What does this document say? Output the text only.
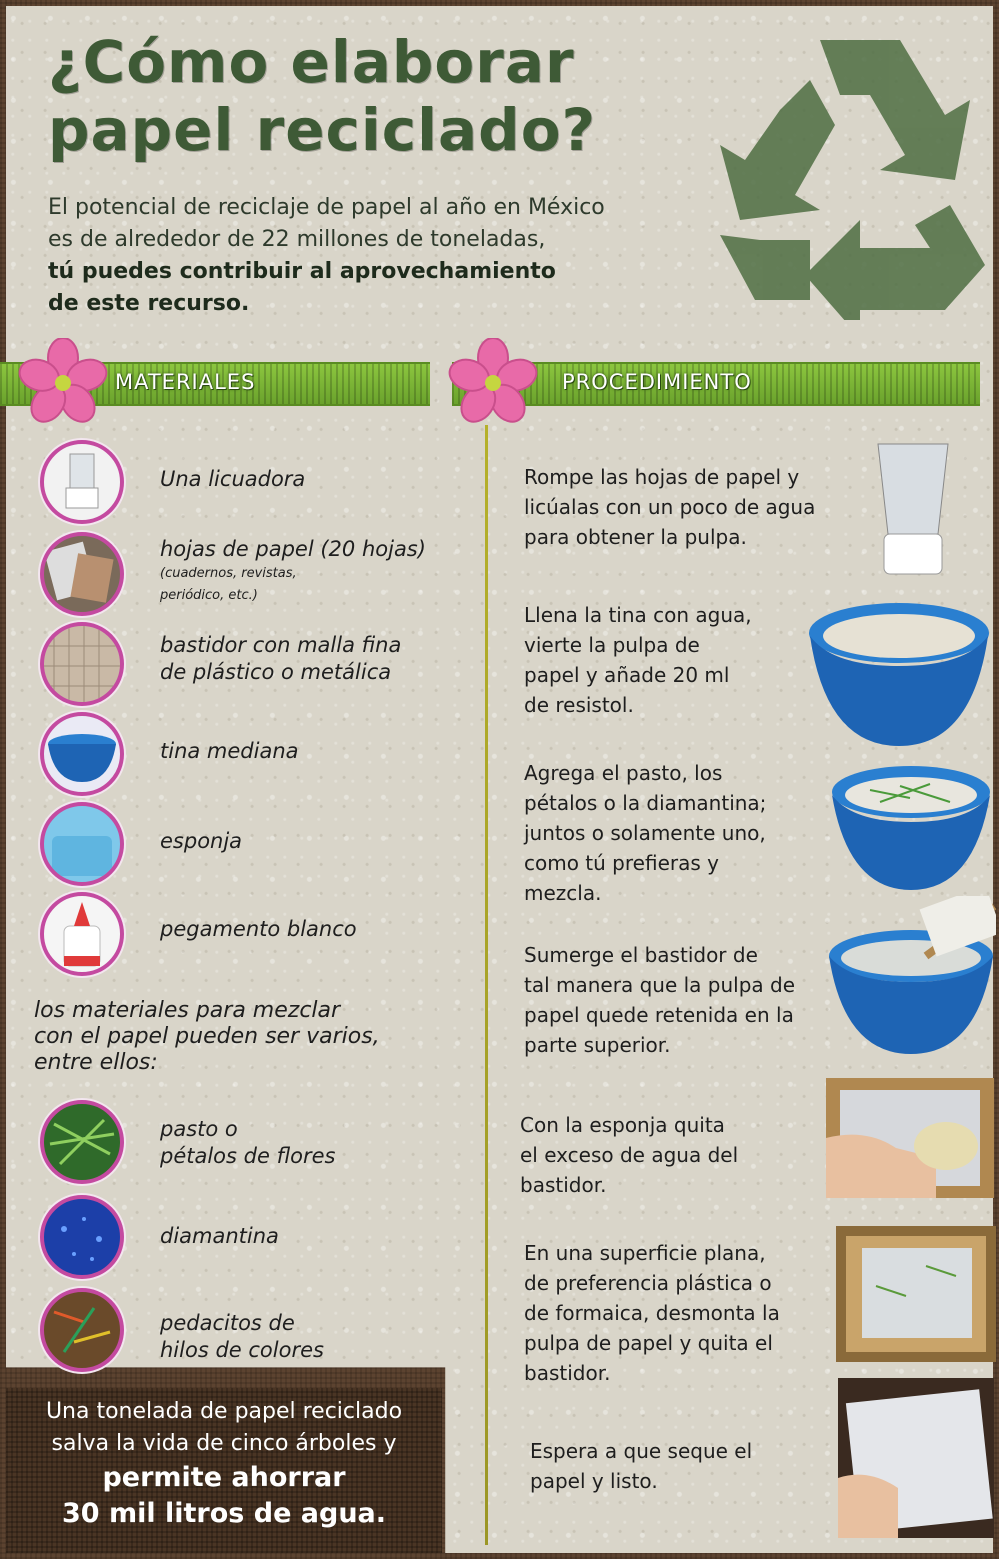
¿Cómo elaborar
papel reciclado?
El potencial de reciclaje de papel al año en México
es de alrededor de 22 millones de toneladas,
tú puedes contribuir al aprovechamiento
de este recurso.
MATERIALES	PROCEDIMIENTO
Una licuadora
hojas de papel (20 hojas)
(cuadernos, revistas,
periódico, etc.)
bastidor con malla fina
de plástico o metálica
tina mediana
esponja
pegamento blanco
los materiales para mezclar
con el papel pueden ser varios,
entre ellos:
pasto o
pétalos de flores
diamantina
pedacitos de
hilos de colores
Rompe las hojas de papel y
licúalas con un poco de agua
para obtener la pulpa.
Llena la tina con agua,
vierte la pulpa de
papel y añade 20 ml
de resistol.
Agrega el pasto, los
pétalos o la diamantina;
juntos o solamente uno,
como tú prefieras y
mezcla.
Sumerge el bastidor de
tal manera que la pulpa de
papel quede retenida en la
parte superior.
Con la esponja quita
el exceso de agua del
bastidor.
En una superficie plana,
de preferencia plástica o
de formaica, desmonta la
pulpa de papel y quita el
bastidor.
Espera a que seque el
papel y listo.
Una tonelada de papel reciclado
salva la vida de cinco árboles y
permite ahorrar
30 mil litros de agua.
